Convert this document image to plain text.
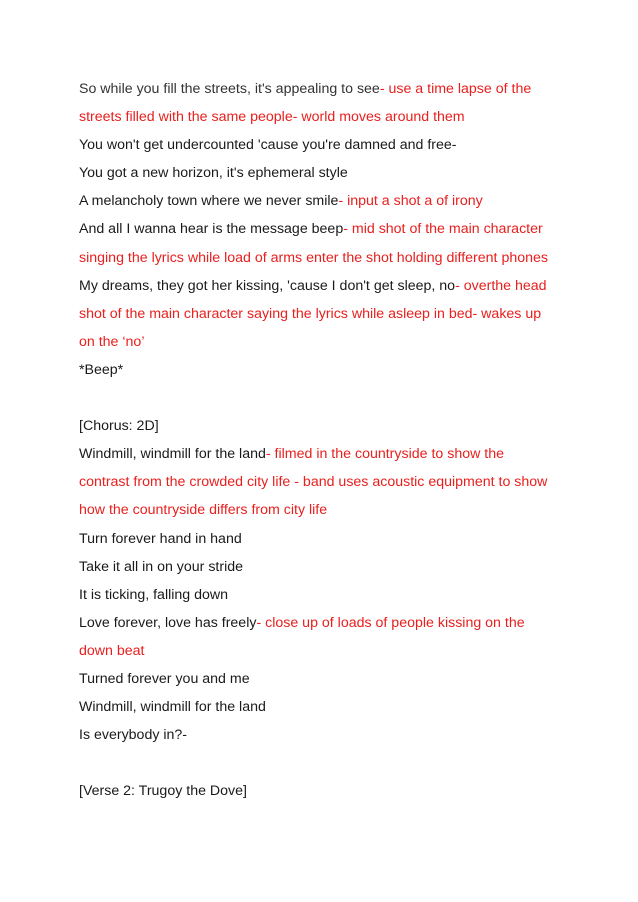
So while you fill the streets, it's appealing to see- use a time lapse of the
streets filled with the same people- world moves around them
You won't get undercounted 'cause you're damned and free-
You got a new horizon, it's ephemeral style
A melancholy town where we never smile- input a shot a of irony
And all I wanna hear is the message beep- mid shot of the main character
singing the lyrics while load of arms enter the shot holding different phones
My dreams, they got her kissing, 'cause I don't get sleep, no- overthe head
shot of the main character saying the lyrics while asleep in bed- wakes up
on the ‘no’
*Beep*
[Chorus: 2D]
Windmill, windmill for the land- filmed in the countryside to show the
contrast from the crowded city life - band uses acoustic equipment to show
how the countryside differs from city life
Turn forever hand in hand
Take it all in on your stride
It is ticking, falling down
Love forever, love has freely- close up of loads of people kissing on the
down beat
Turned forever you and me
Windmill, windmill for the land
Is everybody in?-
[Verse 2: Trugoy the Dove]
